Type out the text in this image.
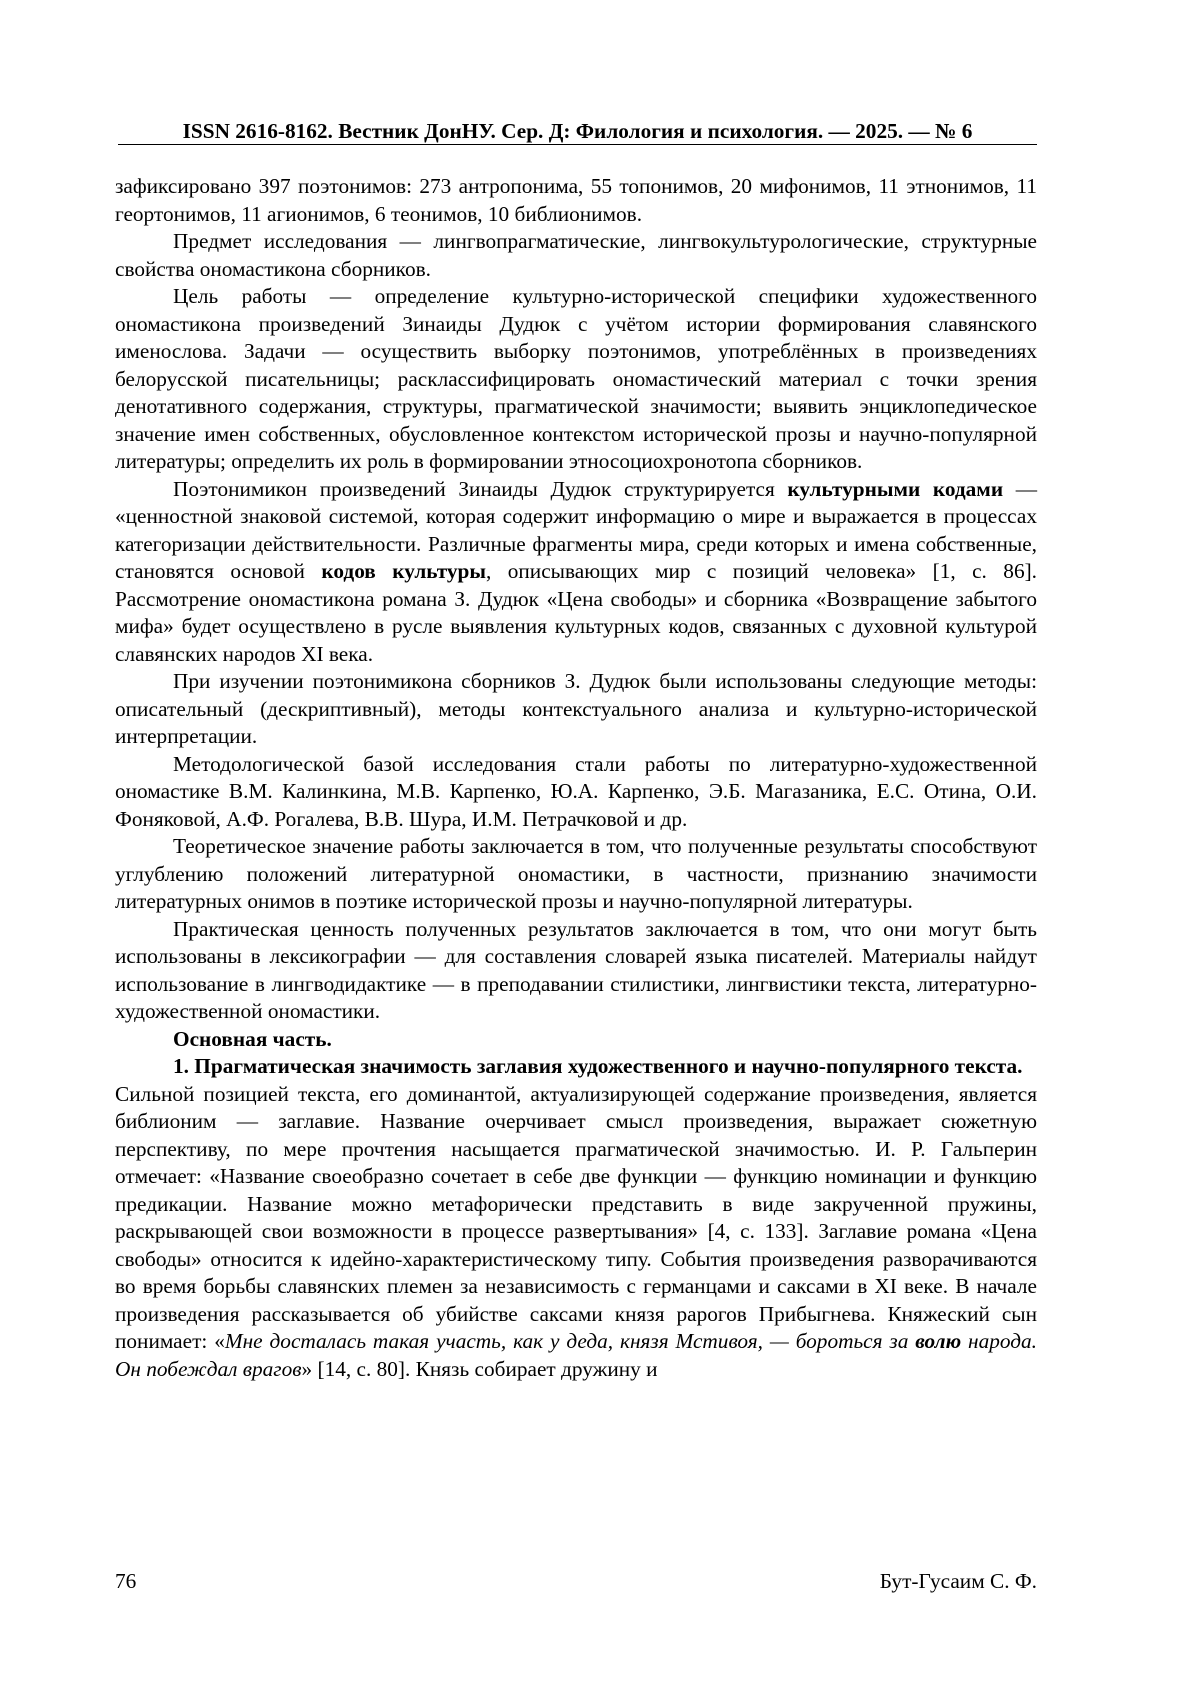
ISSN 2616-8162. Вестник ДонНУ. Сер. Д: Филология и психология. — 2025. — № 6

зафиксировано 397 поэтонимов: 273 антропонима, 55 топонимов, 20 мифонимов, 11 этнонимов, 11 геортонимов, 11 агионимов, 6 теонимов, 10 библионимов.

Предмет исследования — лингвопрагматические, лингвокультурологические, структурные свойства ономастикона сборников.

Цель работы — определение культурно-исторической специфики художественного ономастикона произведений Зинаиды Дудюк с учётом истории формирования славянского именослова. Задачи — осуществить выборку поэтонимов, употреблённых в произведениях белорусской писательницы; расклассифицировать ономастический материал с точки зрения денотативного содержания, структуры, прагматической значимости; выявить энциклопедическое значение имен собственных, обусловленное контекстом исторической прозы и научно-популярной литературы; определить их роль в формировании этносоциохронотопа сборников.

Поэтонимикон произведений Зинаиды Дудюк структурируется культурными кодами — «ценностной знаковой системой, которая содержит информацию о мире и выражается в процессах категоризации действительности. Различные фрагменты мира, среди которых и имена собственные, становятся основой кодов культуры, описывающих мир с позиций человека» [1, с. 86]. Рассмотрение ономастикона романа З. Дудюк «Цена свободы» и сборника «Возвращение забытого мифа» будет осуществлено в русле выявления культурных кодов, связанных с духовной культурой славянских народов XI века.

При изучении поэтонимикона сборников З. Дудюк были использованы следующие методы: описательный (дескриптивный), методы контекстуального анализа и культурно-исторической интерпретации.

Методологической базой исследования стали работы по литературно-художественной ономастике В.М. Калинкина, М.В. Карпенко, Ю.А. Карпенко, Э.Б. Магазаника, Е.С. Отина, О.И. Фоняковой, А.Ф. Рогалева, В.В. Шура, И.М. Петрачковой и др.

Теоретическое значение работы заключается в том, что полученные результаты способствуют углублению положений литературной ономастики, в частности, признанию значимости литературных онимов в поэтике исторической прозы и научно-популярной литературы.

Практическая ценность полученных результатов заключается в том, что они могут быть использованы в лексикографии — для составления словарей языка писателей. Материалы найдут использование в лингводидактике — в преподавании стилистики, лингвистики текста, литературно-художественной ономастики.

Основная часть.

1. Прагматическая значимость заглавия художественного и научно-популярного текста.

Сильной позицией текста, его доминантой, актуализирующей содержание произведения, является библионим — заглавие. Название очерчивает смысл произведения, выражает сюжетную перспективу, по мере прочтения насыщается прагматической значимостью. И. Р. Гальперин отмечает: «Название своеобразно сочетает в себе две функции — функцию номинации и функцию предикации. Название можно метафорически представить в виде закрученной пружины, раскрывающей свои возможности в процессе развертывания» [4, с. 133]. Заглавие романа «Цена свободы» относится к идейно-характеристическому типу. События произведения разворачиваются во время борьбы славянских племен за независимость с германцами и саксами в XI веке. В начале произведения рассказывается об убийстве саксами князя рарогов Прибыгнева. Княжеский сын понимает: «Мне досталась такая участь, как у деда, князя Мстивоя, — бороться за волю народа. Он побеждал врагов» [14, с. 80]. Князь собирает дружину и

76	Бут-Гусаим С. Ф.
